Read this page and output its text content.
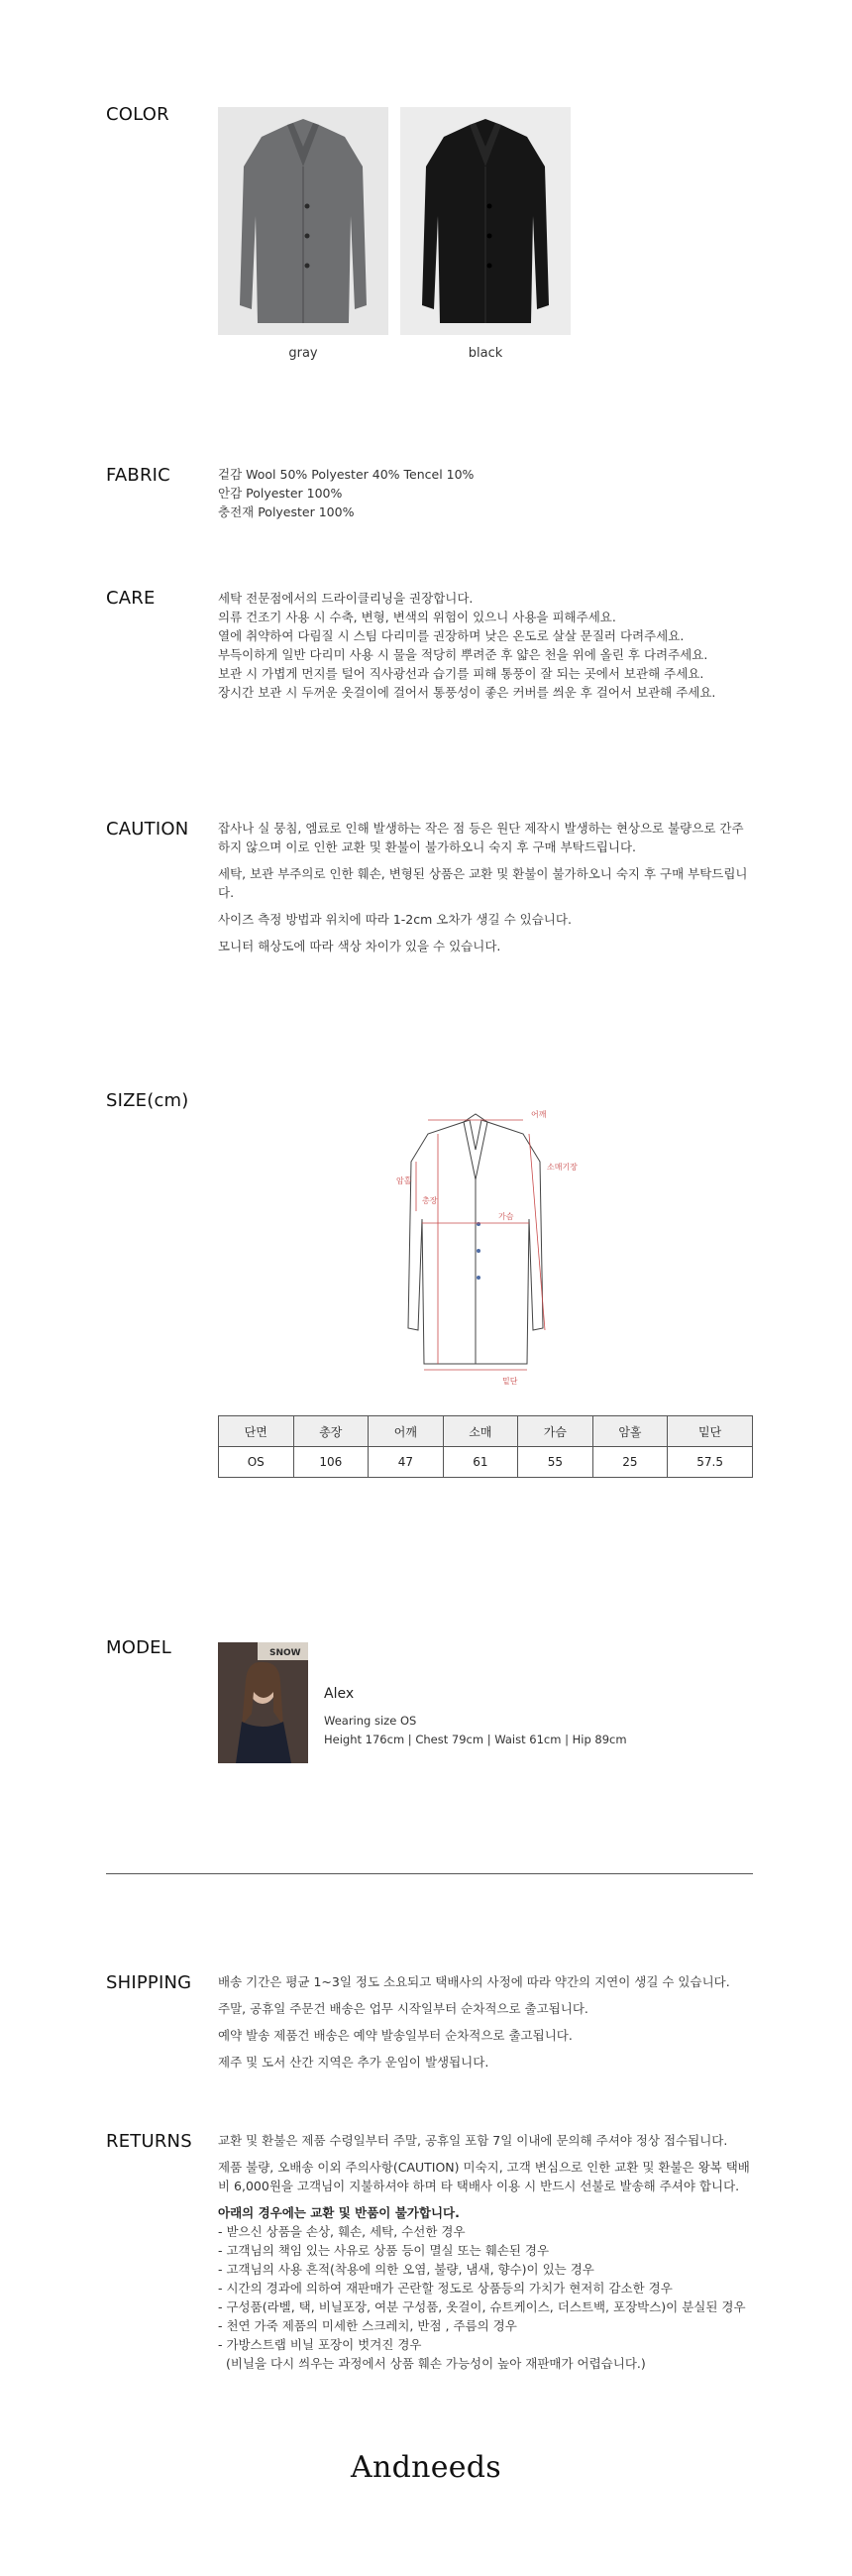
COLOR
gray	black
FABRIC	겉감 Wool 50% Polyester 40% Tencel 10%

안감 Polyester 100%

충전재 Polyester 100%

CARE	세탁 전문점에서의 드라이클리닝을 권장합니다.

의류 건조기 사용 시 수축, 변형, 변색의 위험이 있으니 사용을 피해주세요.

열에 취약하여 다림질 시 스팀 다리미를 권장하며 낮은 온도로 살살 문질러 다려주세요.

부득이하게 일반 다리미 사용 시 물을 적당히 뿌려준 후 얇은 천을 위에 올린 후 다려주세요.

보관 시 가볍게 먼지를 털어 직사광선과 습기를 피해 통풍이 잘 되는 곳에서 보관해 주세요.

장시간 보관 시 두꺼운 옷걸이에 걸어서 통풍성이 좋은 커버를 씌운 후 걸어서 보관해 주세요.

CAUTION 잡사나 실 뭉침, 엠료로 인해 발생하는 작은 점 등은 원단 제작시 발생하는 현상으로 불량으로 간주하지 않으며 이로 인한 교환 및 환불이 불가하오니 숙지 후 구매 부탁드립니다.

세탁, 보관 부주의로 인한 훼손, 변형된 상품은 교환 및 환불이 불가하오니 숙지 후 구매 부탁드립니다.

사이즈 측정 방법과 위치에 따라 1-2cm 오차가 생길 수 있습니다.

모니터 해상도에 따라 색상 차이가 있을 수 있습니다.

SIZE(cm)
어깨
소매기장
암홀
총장
가슴
밑단
단면	총장	어깨	소매	가슴	암홀	밑단
OS	106	47	61	55	25	57.5
MODEL	SNOW
Alex
Wearing size OS
Height 176cm | Chest 79cm | Waist 61cm | Hip 89cm
SHIPPING 배송 기간은 평균 1~3일 정도 소요되고 택배사의 사정에 따라 약간의 지연이 생길 수 있습니다.

주말, 공휴일 주문건 배송은 업무 시작일부터 순차적으로 출고됩니다.

예약 발송 제품건 배송은 예약 발송일부터 순차적으로 출고됩니다.

제주 및 도서 산간 지역은 추가 운임이 발생됩니다.

RETURNS 교환 및 환불은 제품 수령일부터 주말, 공휴일 포함 7일 이내에 문의해 주셔야 정상 접수됩니다.

제품 불량, 오배송 이외 주의사항(CAUTION) 미숙지, 고객 변심으로 인한 교환 및 환불은 왕복 택배비 6,000원을 고객님이 지불하셔야 하며 타 택배사 이용 시 반드시 선불로 발송해 주셔야 합니다.

아래의 경우에는 교환 및 반품이 불가합니다.
- 받으신 상품을 손상, 훼손, 세탁, 수선한 경우
- 고객님의 책임 있는 사유로 상품 등이 멸실 또는 훼손된 경우
- 고객님의 사용 흔적(착용에 의한 오염, 불량, 냄새, 향수)이 있는 경우
- 시간의 경과에 의하여 재판매가 곤란할 정도로 상품등의 가치가 현저히 감소한 경우
- 구성품(라벨, 택, 비닐포장, 여분 구성품, 옷걸이, 슈트케이스, 더스트백, 포장박스)이 분실된 경우
- 천연 가죽 제품의 미세한 스크레치, 반점 , 주름의 경우
- 가방스트랩 비닐 포장이 벗겨진 경우
(비닐을 다시 씌우는 과정에서 상품 훼손 가능성이 높아 재판매가 어렵습니다.)
Andneeds
